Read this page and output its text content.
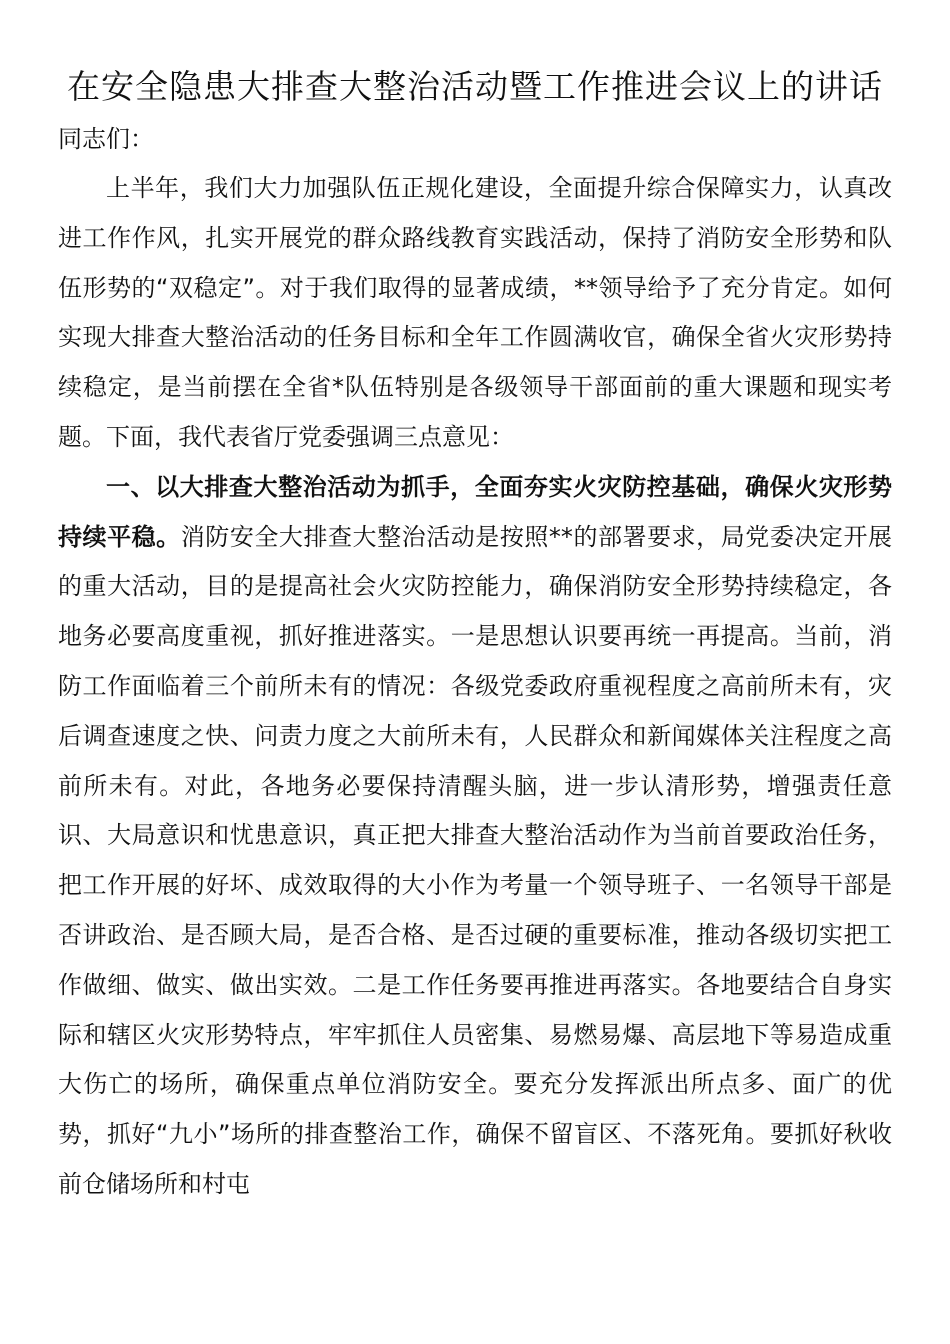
在安全隐患大排查大整治活动暨工作推进会议上的讲话

同志们：

上半年，我们大力加强队伍正规化建设，全面提升综合保障实力，认真改进工作作风，扎实开展党的群众路线教育实践活动，保持了消防安全形势和队伍形势的“双稳定”。对于我们取得的显著成绩，**领导给予了充分肯定。如何实现大排查大整治活动的任务目标和全年工作圆满收官，确保全省火灾形势持续稳定，是当前摆在全省*队伍特别是各级领导干部面前的重大课题和现实考题。下面，我代表省厅党委强调三点意见：

一、以大排查大整治活动为抓手，全面夯实火灾防控基础，确保火灾形势持续平稳。消防安全大排查大整治活动是按照**的部署要求，局党委决定开展的重大活动，目的是提高社会火灾防控能力，确保消防安全形势持续稳定，各地务必要高度重视，抓好推进落实。一是思想认识要再统一再提高。当前，消防工作面临着三个前所未有的情况：各级党委政府重视程度之高前所未有，灾后调查速度之快、问责力度之大前所未有，人民群众和新闻媒体关注程度之高前所未有。对此，各地务必要保持清醒头脑，进一步认清形势，增强责任意识、大局意识和忧患意识，真正把大排查大整治活动作为当前首要政治任务，把工作开展的好坏、成效取得的大小作为考量一个领导班子、一名领导干部是否讲政治、是否顾大局，是否合格、是否过硬的重要标准，推动各级切实把工作做细、做实、做出实效。二是工作任务要再推进再落实。各地要结合自身实际和辖区火灾形势特点，牢牢抓住人员密集、易燃易爆、高层地下等易造成重大伤亡的场所，确保重点单位消防安全。要充分发挥派出所点多、面广的优势，抓好“九小”场所的排查整治工作，确保不留盲区、不落死角。要抓好秋收前仓储场所和村屯
